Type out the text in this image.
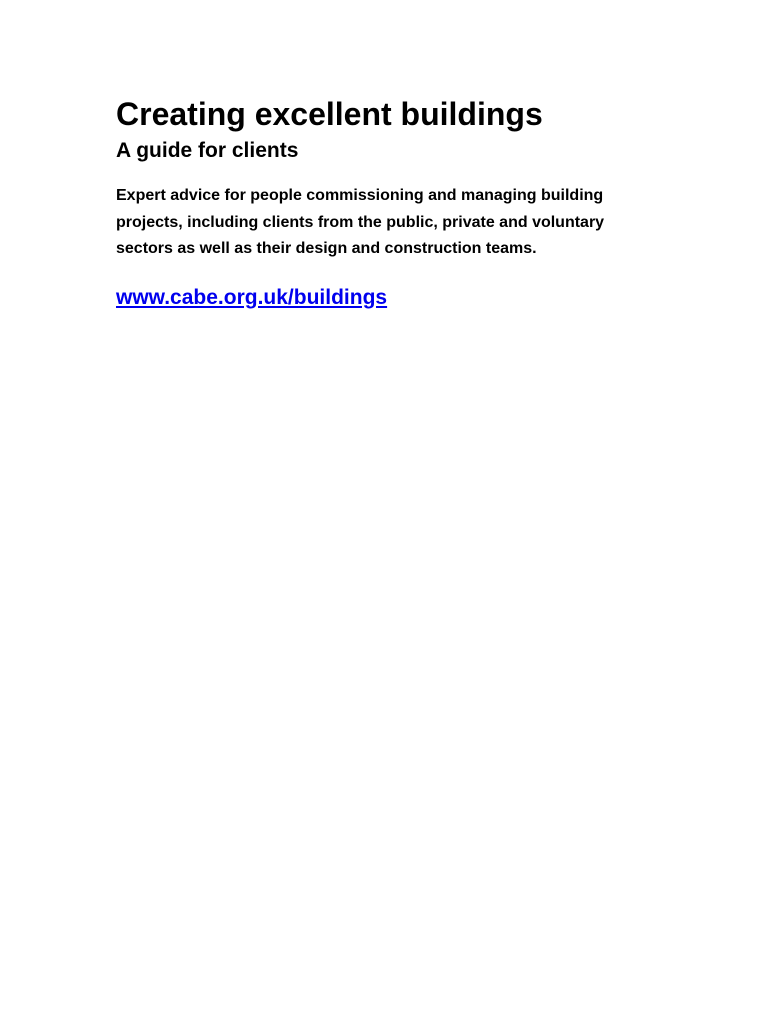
Creating excellent buildings
A guide for clients

Expert advice for people commissioning and managing building projects, including clients from the public, private and voluntary sectors as well as their design and construction teams.

www.cabe.org.uk/buildings
